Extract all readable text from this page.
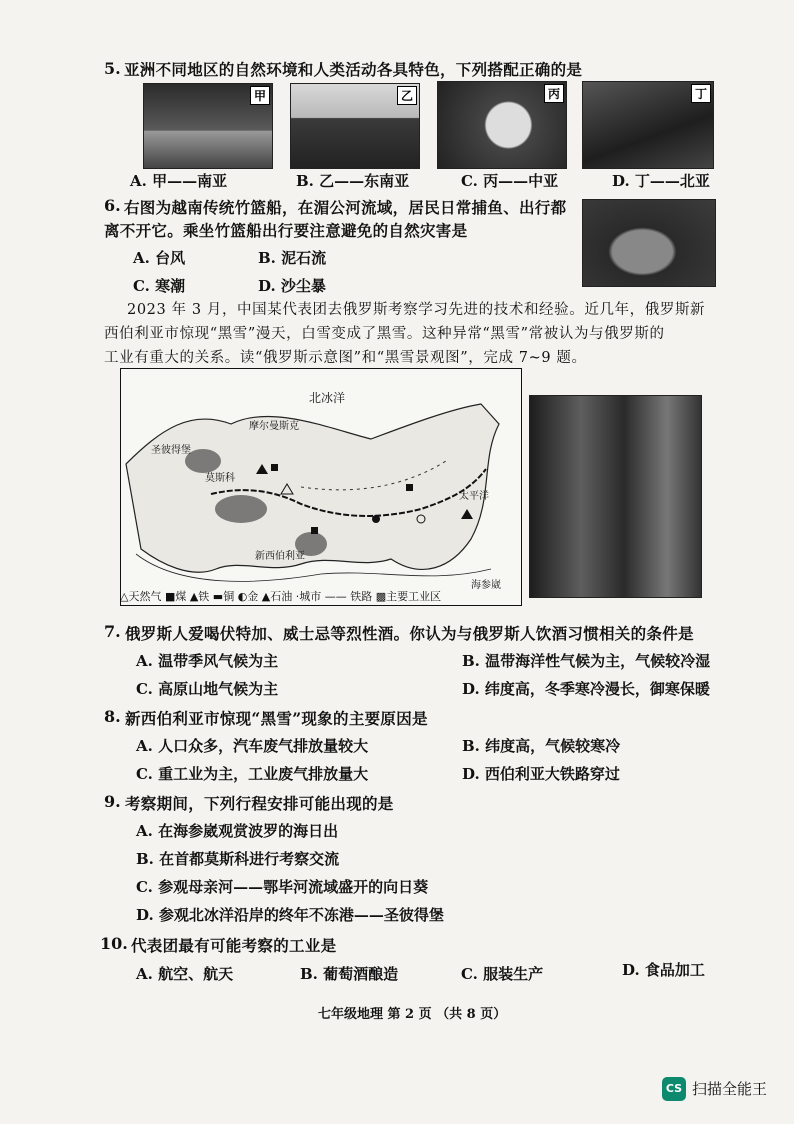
5. 亚洲不同地区的自然环境和人类活动各具特色，下列搭配正确的是
甲	乙	丙	丁
A. 甲——南亚	B. 乙——东南亚	C. 丙——中亚	D. 丁——北亚
6. 右图为越南传统竹篮船，在湄公河流域，居民日常捕鱼、出行都
离不开它。乘坐竹篮船出行要注意避免的自然灾害是
A. 台风	B. 泥石流
C. 寒潮	D. 沙尘暴
2023 年 3 月，中国某代表团去俄罗斯考察学习先进的技术和经验。近几年，俄罗斯新
西伯利亚市惊现“黑雪”漫天，白雪变成了黑雪。这种异常“黑雪”常被认为与俄罗斯的
工业有重大的关系。读“俄罗斯示意图”和“黑雪景观图”，完成 7~9 题。
北冰洋
摩尔曼斯克
圣彼得堡
莫斯科
太平洋
新西伯利亚
海参崴
△天然气 ■煤 ▲铁 ▬铜 ◐金 ▲石油 ·城市 —— 铁路 ▩主要工业区
7. 俄罗斯人爱喝伏特加、威士忌等烈性酒。你认为与俄罗斯人饮酒习惯相关的条件是
A. 温带季风气候为主	B. 温带海洋性气候为主，气候较冷湿
C. 高原山地气候为主	D. 纬度高，冬季寒冷漫长，御寒保暖
8. 新西伯利亚市惊现“黑雪”现象的主要原因是
A. 人口众多，汽车废气排放量较大	B. 纬度高，气候较寒冷
C. 重工业为主，工业废气排放量大	D. 西伯利亚大铁路穿过
9. 考察期间，下列行程安排可能出现的是
A. 在海参崴观赏波罗的海日出
B. 在首都莫斯科进行考察交流
C. 参观母亲河——鄂毕河流域盛开的向日葵
D. 参观北冰洋沿岸的终年不冻港——圣彼得堡
10. 代表团最有可能考察的工业是
A. 航空、航天	B. 葡萄酒酿造	C. 服装生产	D. 食品加工
七年级地理 第 2 页 （共 8 页）
CS 扫描全能王
